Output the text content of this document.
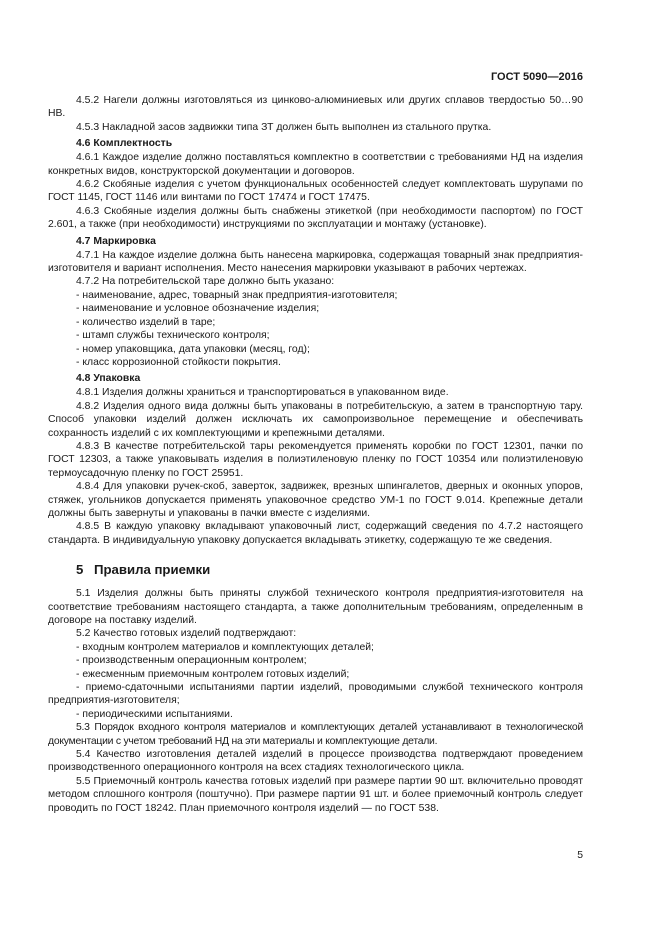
ГОСТ 5090—2016
4.5.2 Нагели должны изготовляться из цинково-алюминиевых или других сплавов твердостью 50…90 НВ.
4.5.3 Накладной засов задвижки типа ЗТ должен быть выполнен из стального прутка.
4.6 Комплектность
4.6.1 Каждое изделие должно поставляться комплектно в соответствии с требованиями НД на изделия конкретных видов, конструкторской документации и договоров.
4.6.2 Скобяные изделия с учетом функциональных особенностей следует комплектовать шурупами по ГОСТ 1145, ГОСТ 1146 или винтами по ГОСТ 17474 и ГОСТ 17475.
4.6.3 Скобяные изделия должны быть снабжены этикеткой (при необходимости паспортом) по ГОСТ 2.601, а также (при необходимости) инструкциями по эксплуатации и монтажу (установке).
4.7 Маркировка
4.7.1 На каждое изделие должна быть нанесена маркировка, содержащая товарный знак предприятия-изготовителя и вариант исполнения. Место нанесения маркировки указывают в рабочих чертежах.
4.7.2 На потребительской таре должно быть указано:
- наименование, адрес, товарный знак предприятия-изготовителя;
- наименование и условное обозначение изделия;
- количество изделий в таре;
- штамп службы технического контроля;
- номер упаковщика, дата упаковки (месяц, год);
- класс коррозионной стойкости покрытия.
4.8 Упаковка
4.8.1 Изделия должны храниться и транспортироваться в упакованном виде.
4.8.2 Изделия одного вида должны быть упакованы в потребительскую, а затем в транспортную тару. Способ упаковки изделий должен исключать их самопроизвольное перемещение и обеспечивать сохранность изделий с их комплектующими и крепежными деталями.
4.8.3 В качестве потребительской тары рекомендуется применять коробки по ГОСТ 12301, пачки по ГОСТ 12303, а также упаковывать изделия в полиэтиленовую пленку по ГОСТ 10354 или полиэтиленовую термоусадочную пленку по ГОСТ 25951.
4.8.4 Для упаковки ручек-скоб, заверток, задвижек, врезных шпингалетов, дверных и оконных упоров, стяжек, угольников допускается применять упаковочное средство УМ-1 по ГОСТ 9.014. Крепежные детали должны быть завернуты и упакованы в пачки вместе с изделиями.
4.8.5 В каждую упаковку вкладывают упаковочный лист, содержащий сведения по 4.7.2 настоящего стандарта. В индивидуальную упаковку допускается вкладывать этикетку, содержащую те же сведения.
5 Правила приемки
5.1 Изделия должны быть приняты службой технического контроля предприятия-изготовителя на соответствие требованиям настоящего стандарта, а также дополнительным требованиям, определенным в договоре на поставку изделий.
5.2 Качество готовых изделий подтверждают:
- входным контролем материалов и комплектующих деталей;
- производственным операционным контролем;
- ежесменным приемочным контролем готовых изделий;
- приемо-сдаточными испытаниями партии изделий, проводимыми службой технического контроля предприятия-изготовителя;
- периодическими испытаниями.
5.3 Порядок входного контроля материалов и комплектующих деталей устанавливают в технологической документации с учетом требований НД на эти материалы и комплектующие детали.
5.4 Качество изготовления деталей изделий в процессе производства подтверждают проведением производственного операционного контроля на всех стадиях технологического цикла.
5.5 Приемочный контроль качества готовых изделий при размере партии 90 шт. включительно проводят методом сплошного контроля (поштучно). При размере партии 91 шт. и более приемочный контроль следует проводить по ГОСТ 18242. План приемочного контроля изделий — по ГОСТ 538.
5
